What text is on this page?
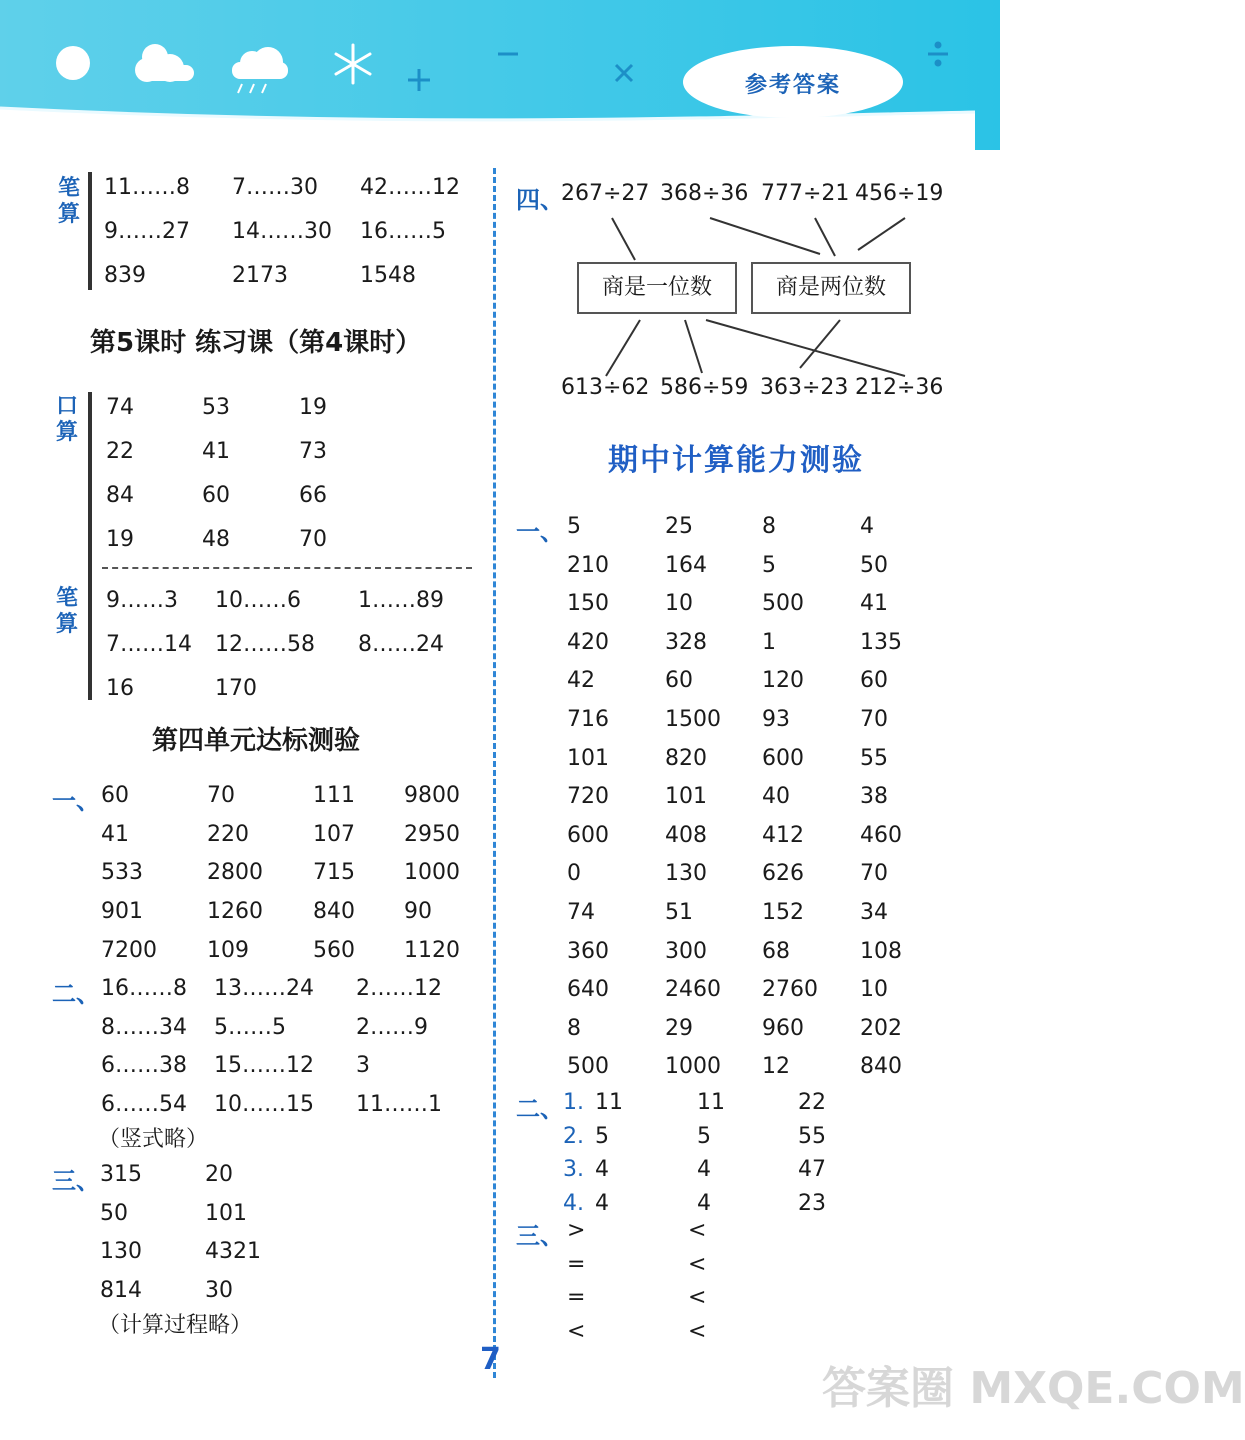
参考答案
笔算
11……8 7……30 42……12
9……27 14……30 16……5
839	2173	1548
第5课时 练习课（第4课时）
口算
74	53	19
22	41	73
84	60	66
19	48	70
笔算
9……3 10……6	1……89
7……14 12……58 8……24
16	170
第四单元达标测验
一、 60	70	111 9800
41	220	107 2950
533	2800 715 1000
901	1260 840 90
7200 109	560 1120
二、 16……8 13……24 2……12
8……34 5……5	2……9
6……38 15……12 3
6……54 10……15 11……1
（竖式略）
三、 315	20
50	101
130	4321
814	30
（计算过程略）
四、
267÷27 368÷36 777÷21 456÷19
商是一位数	商是两位数
613÷62 586÷59 363÷23 212÷36
期中计算能力测验
一、 5	25	8	4
210	164	5	50
150	10	500	41
420	328	1	135
42	60	120	60
716	1500 93	70
101	820	600	55
720	101	40	38
600	408	412	460
0	130	626	70
74	51	152	34
360	300	68	108
640	2460 2760 10
8	29	960	202
500	1000 12	840
二、 1. 11	11	22
2. 5	5	55
3. 4	4	47
4. 4	4	23
三、 >	<
=	<
=	<
<	<
7
答案圈 MXQE.COM
